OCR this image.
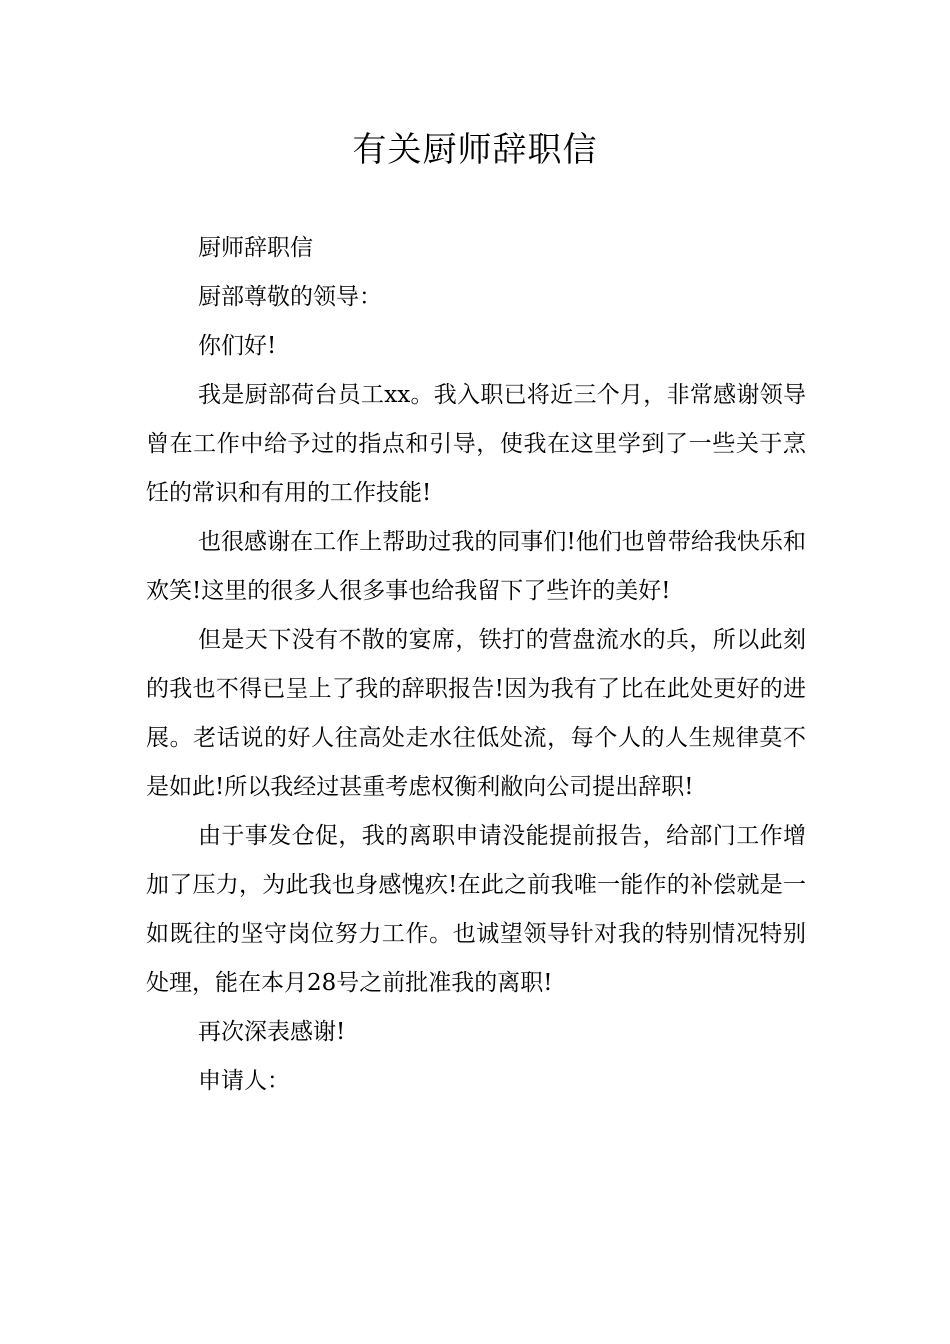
有关厨师辞职信

厨师辞职信

厨部尊敬的领导：

你们好!

我是厨部荷台员工xx。我入职已将近三个月，非常感谢领导曾在工作中给予过的指点和引导，使我在这里学到了一些关于烹饪的常识和有用的工作技能!

也很感谢在工作上帮助过我的同事们!他们也曾带给我快乐和欢笑!这里的很多人很多事也给我留下了些许的美好!

但是天下没有不散的宴席，铁打的营盘流水的兵，所以此刻的我也不得已呈上了我的辞职报告!因为我有了比在此处更好的进展。老话说的好人往高处走水往低处流，每个人的人生规律莫不是如此!所以我经过甚重考虑权衡利敝向公司提出辞职!

由于事发仓促，我的离职申请没能提前报告，给部门工作增加了压力，为此我也身感愧疚!在此之前我唯一能作的补偿就是一如既往的坚守岗位努力工作。也诚望领导针对我的特别情况特别处理，能在本月28号之前批准我的离职!

再次深表感谢!

申请人：
